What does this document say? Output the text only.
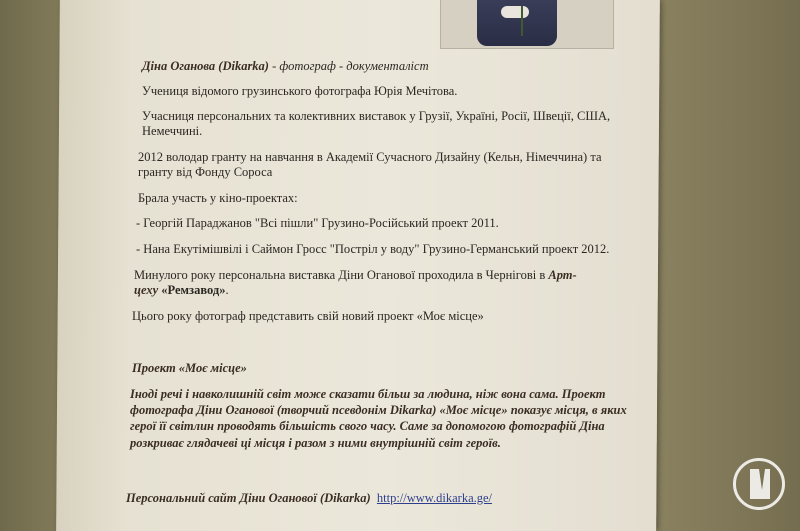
Діна Оганова (Dikarka) - фотограф - документаліст

Учениця відомого грузинського фотографа Юрія Мечітова.

Учасниця персональних та колективних виставок у Грузії, Україні, Росії, Швеції, США,

Немеччині.

2012 володар гранту на навчання в Академії Сучасного Дизайну (Кельн, Німеччина) та

гранту від Фонду Сороса

Брала участь у кіно-проектах:

- Георгій Параджанов "Всі пішли" Грузино-Російський проект 2011.

- Нана Екутімішвілі і Саймон Гросс "Постріл у воду" Грузино-Германський проект 2012.

Минулого року персональна виставка Діни Оганової проходила в Чернігові в Арт-

цеху «Ремзавод».

Цього року фотограф представить свій новий проект «Моє місце»

Проект «Моє місце»

Іноді речі і навколишній світ може сказати більш за людина, ніж вона сама. Проект

фотографа Діни Оганової (творчий псевдонім Dikarka) «Моє місце» показує місця, в яких

герої її світлин проводять більшість свого часу. Саме за допомогою фотографій Діна

розкриває глядачеві ці місця і разом з ними внутрішній світ героїв.

Персональний сайт Діни Оганової (Dikarka) http://www.dikarka.ge/
